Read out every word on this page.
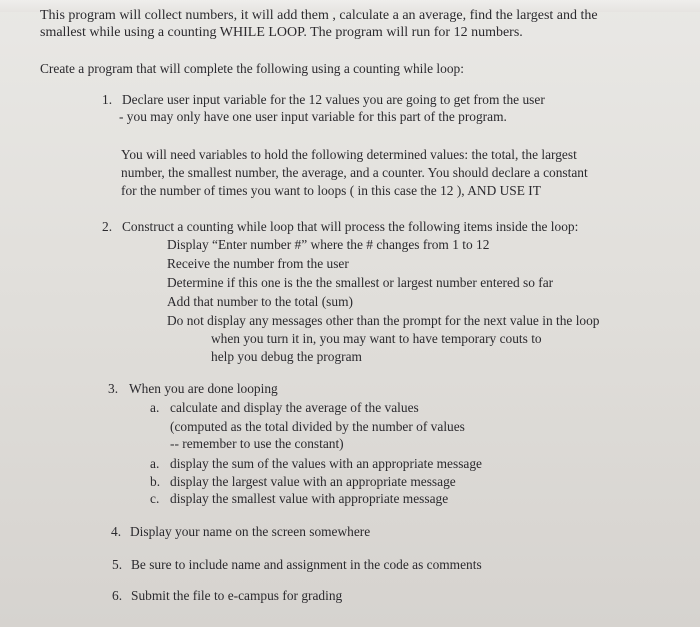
This program will collect numbers, it will add them , calculate a an average, find the largest and the
smallest while using a counting WHILE LOOP. The program will run for 12 numbers.
Create a program that will complete the following using a counting while loop:
1. Declare user input variable for the 12 values you are going to get from the user
- you may only have one user input variable for this part of the program.
You will need variables to hold the following determined values: the total, the largest
number, the smallest number, the average, and a counter. You should declare a constant
for the number of times you want to loops ( in this case the 12 ), AND USE IT
2. Construct a counting while loop that will process the following items inside the loop:
Display “Enter number #” where the # changes from 1 to 12
Receive the number from the user
Determine if this one is the the smallest or largest number entered so far
Add that number to the total (sum)
Do not display any messages other than the prompt for the next value in the loop
when you turn it in, you may want to have temporary couts to
help you debug the program
3. When you are done looping
a. calculate and display the average of the values
(computed as the total divided by the number of values
-- remember to use the constant)
a. display the sum of the values with an appropriate message
b. display the largest value with an appropriate message
c. display the smallest value with appropriate message
4. Display your name on the screen somewhere
5. Be sure to include name and assignment in the code as comments
6. Submit the file to e-campus for grading
